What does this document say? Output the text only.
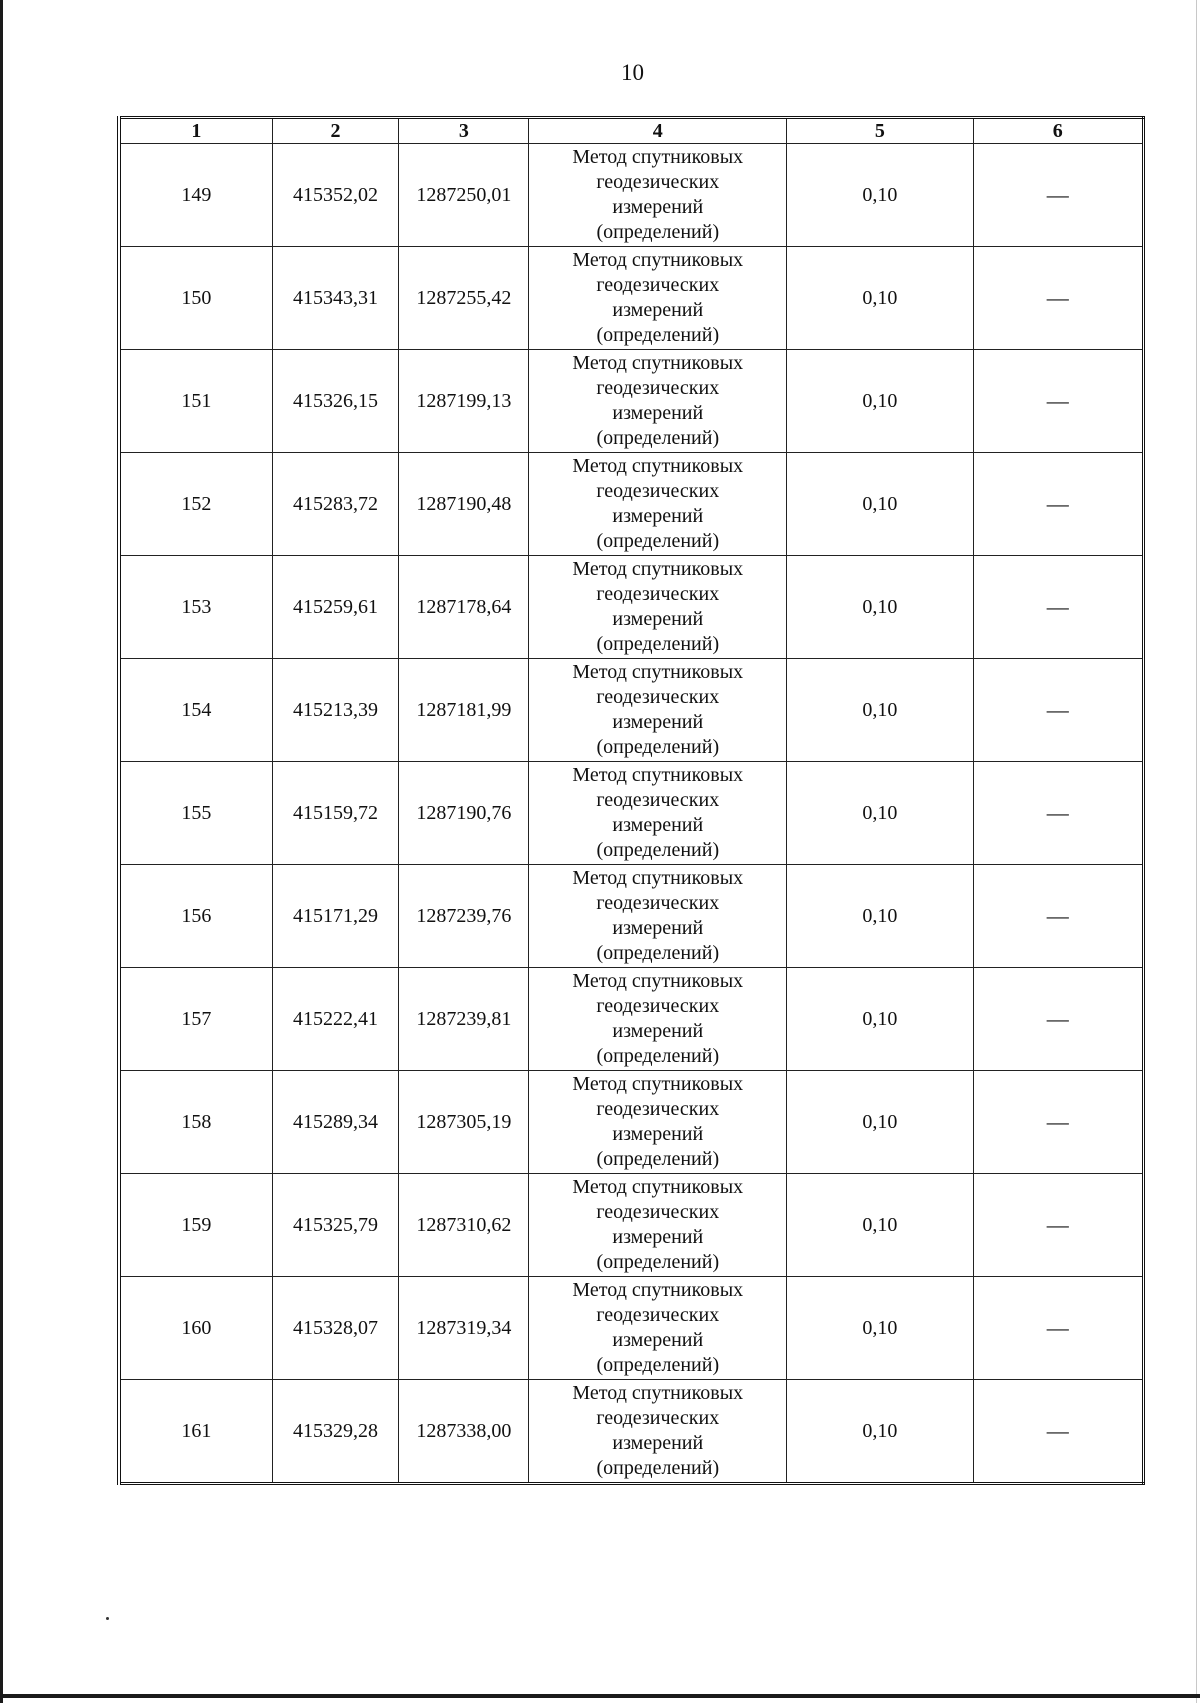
10
1	2	3	4	5	6
149	415352,02	1287250,01	Метод спутниковых
геодезических
измерений
(определений)	0,10	—
150	415343,31	1287255,42	Метод спутниковых
геодезических
измерений
(определений)	0,10	—
151	415326,15	1287199,13	Метод спутниковых
геодезических
измерений
(определений)	0,10	—
152	415283,72	1287190,48	Метод спутниковых
геодезических
измерений
(определений)	0,10	—
153	415259,61	1287178,64	Метод спутниковых
геодезических
измерений
(определений)	0,10	—
154	415213,39	1287181,99	Метод спутниковых
геодезических
измерений
(определений)	0,10	—
155	415159,72	1287190,76	Метод спутниковых
геодезических
измерений
(определений)	0,10	—
156	415171,29	1287239,76	Метод спутниковых
геодезических
измерений
(определений)	0,10	—
157	415222,41	1287239,81	Метод спутниковых
геодезических
измерений
(определений)	0,10	—
158	415289,34	1287305,19	Метод спутниковых
геодезических
измерений
(определений)	0,10	—
159	415325,79	1287310,62	Метод спутниковых
геодезических
измерений
(определений)	0,10	—
160	415328,07	1287319,34	Метод спутниковых
геодезических
измерений
(определений)	0,10	—
161	415329,28	1287338,00	Метод спутниковых
геодезических
измерений
(определений)	0,10	—
